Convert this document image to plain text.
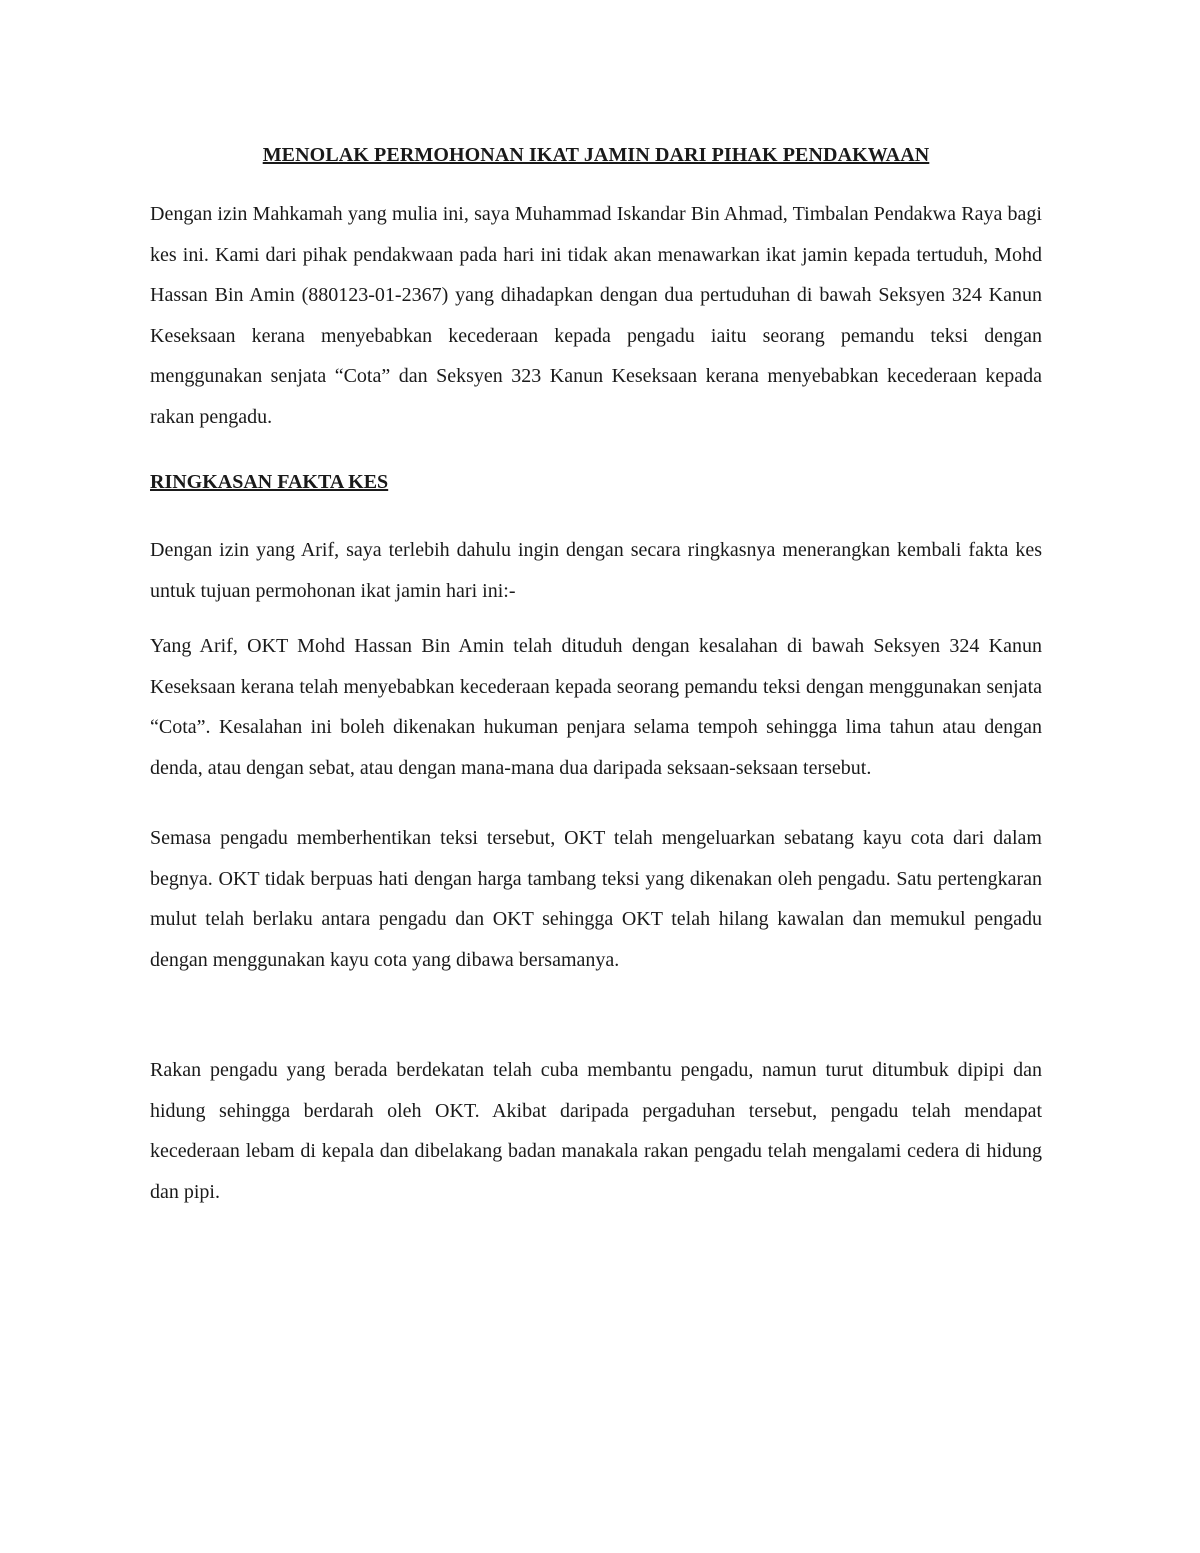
MENOLAK PERMOHONAN IKAT JAMIN DARI PIHAK PENDAKWAAN

Dengan izin Mahkamah yang mulia ini, saya Muhammad Iskandar Bin Ahmad, Timbalan Pendakwa Raya bagi kes ini. Kami dari pihak pendakwaan pada hari ini tidak akan menawarkan ikat jamin kepada tertuduh, Mohd Hassan Bin Amin (880123-01-2367) yang dihadapkan dengan dua pertuduhan di bawah Seksyen 324 Kanun Keseksaan kerana menyebabkan kecederaan kepada pengadu iaitu seorang pemandu teksi dengan menggunakan senjata “Cota” dan Seksyen 323 Kanun Keseksaan kerana menyebabkan kecederaan kepada rakan pengadu.

RINGKASAN FAKTA KES

Dengan izin yang Arif, saya terlebih dahulu ingin dengan secara ringkasnya menerangkan kembali fakta kes untuk tujuan permohonan ikat jamin hari ini:-

Yang Arif, OKT Mohd Hassan Bin Amin telah dituduh dengan kesalahan di bawah Seksyen 324 Kanun Keseksaan kerana telah menyebabkan kecederaan kepada seorang pemandu teksi dengan menggunakan senjata “Cota”. Kesalahan ini boleh dikenakan hukuman penjara selama tempoh sehingga lima tahun atau dengan denda, atau dengan sebat, atau dengan mana-mana dua daripada seksaan-seksaan tersebut.

Semasa pengadu memberhentikan teksi tersebut, OKT telah mengeluarkan sebatang kayu cota dari dalam begnya. OKT tidak berpuas hati dengan harga tambang teksi yang dikenakan oleh pengadu. Satu pertengkaran mulut telah berlaku antara pengadu dan OKT sehingga OKT telah hilang kawalan dan memukul pengadu dengan menggunakan kayu cota yang dibawa bersamanya.

Rakan pengadu yang berada berdekatan telah cuba membantu pengadu, namun turut ditumbuk dipipi dan hidung sehingga berdarah oleh OKT. Akibat daripada pergaduhan tersebut, pengadu telah mendapat kecederaan lebam di kepala dan dibelakang badan manakala rakan pengadu telah mengalami cedera di hidung dan pipi.
